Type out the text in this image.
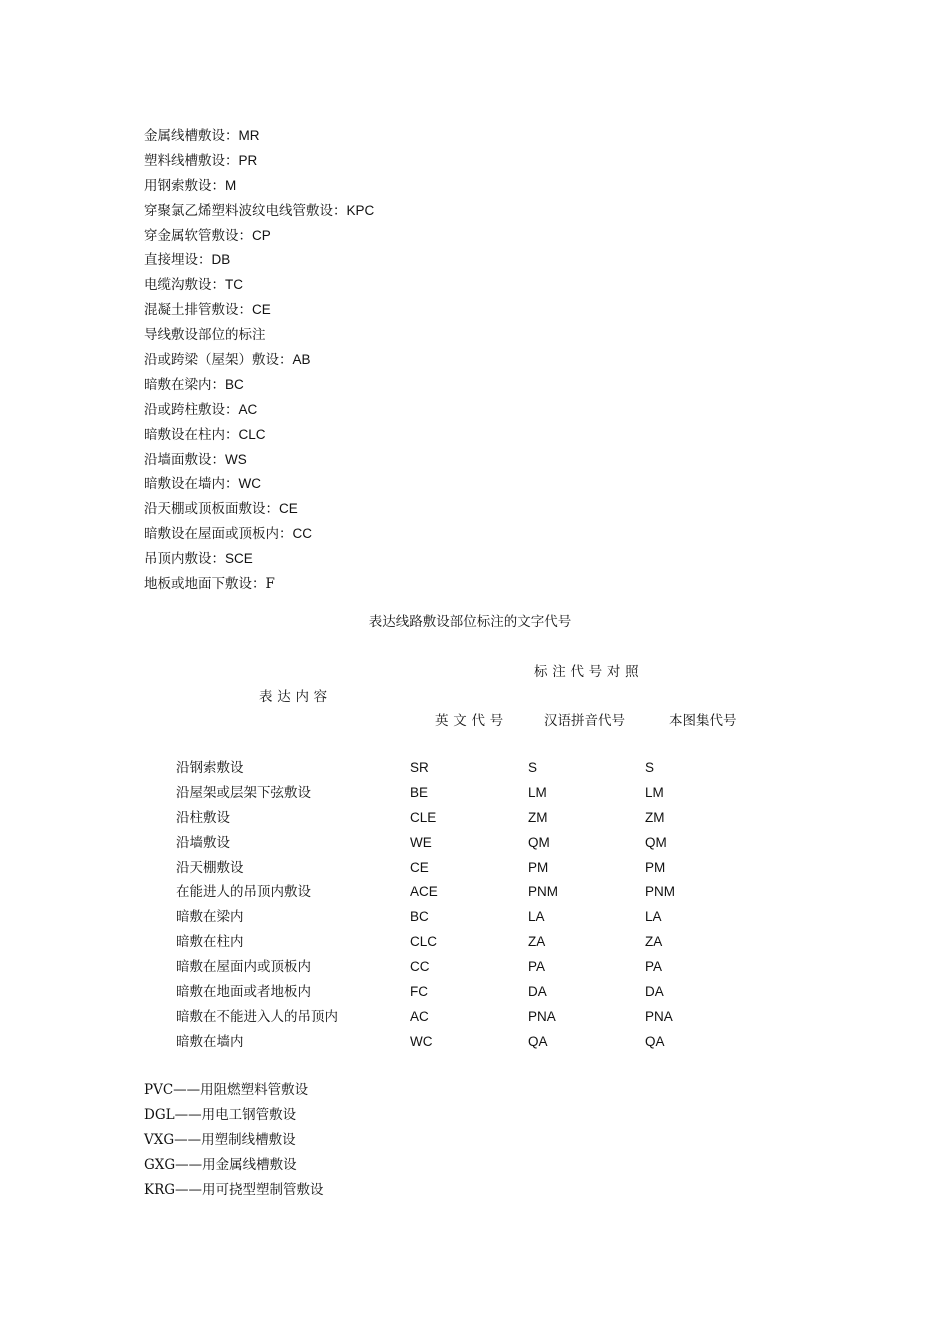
金属线槽敷设：MR
塑料线槽敷设：PR
用钢索敷设：M
穿聚氯乙烯塑料波纹电线管敷设：KPC
穿金属软管敷设：CP
直接埋设：DB
电缆沟敷设：TC
混凝土排管敷设：CE
导线敷设部位的标注
沿或跨梁（屋架）敷设：AB
暗敷在梁内：BC
沿或跨柱敷设：AC
暗敷设在柱内：CLC
沿墙面敷设：WS
暗敷设在墙内：WC
沿天棚或顶板面敷设：CE
暗敷设在屋面或顶板内：CC
吊顶内敷设：SCE
地板或地面下敷设：F
表达线路敷设部位标注的文字代号
标注代号对照
表达内容
英文代号	汉语拼音代号	本图集代号
沿钢索敷设	SR	S	S
沿屋架或层架下弦敷设	BE	LM	LM
沿柱敷设	CLE	ZM	ZM
沿墙敷设	WE	QM	QM
沿天棚敷设	CE	PM	PM
在能进人的吊顶内敷设	ACE	PNM	PNM
暗敷在梁内	BC	LA	LA
暗敷在柱内	CLC	ZA	ZA
暗敷在屋面内或顶板内	CC	PA	PA
暗敷在地面或者地板内	FC	DA	DA
暗敷在不能进入人的吊顶内	AC	PNA	PNA
暗敷在墙内	WC	QA	QA
PVC——用阻燃塑料管敷设
DGL——用电工钢管敷设
VXG——用塑制线槽敷设
GXG——用金属线槽敷设
KRG——用可挠型塑制管敷设
